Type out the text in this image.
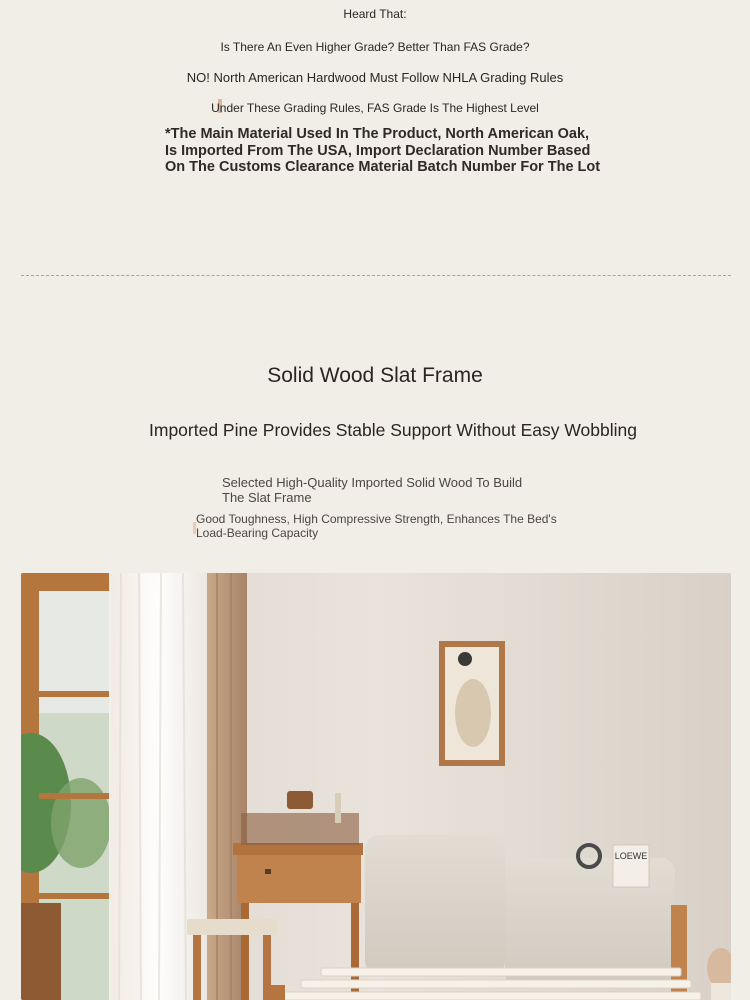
Heard That:
Is There An Even Higher Grade? Better Than FAS Grade?
NO! North American Hardwood Must Follow NHLA Grading Rules
Under These Grading Rules, FAS Grade Is The Highest Level
*The Main Material Used In The Product, North American Oak, Is Imported From The USA, Import Declaration Number Based On The Customs Clearance Material Batch Number For The Lot
Solid Wood Slat Frame
Imported Pine Provides Stable Support Without Easy Wobbling
Selected High-Quality Imported Solid Wood To Build The Slat Frame
Good Toughness, High Compressive Strength, Enhances The Bed's Load-Bearing Capacity
LOEWE
